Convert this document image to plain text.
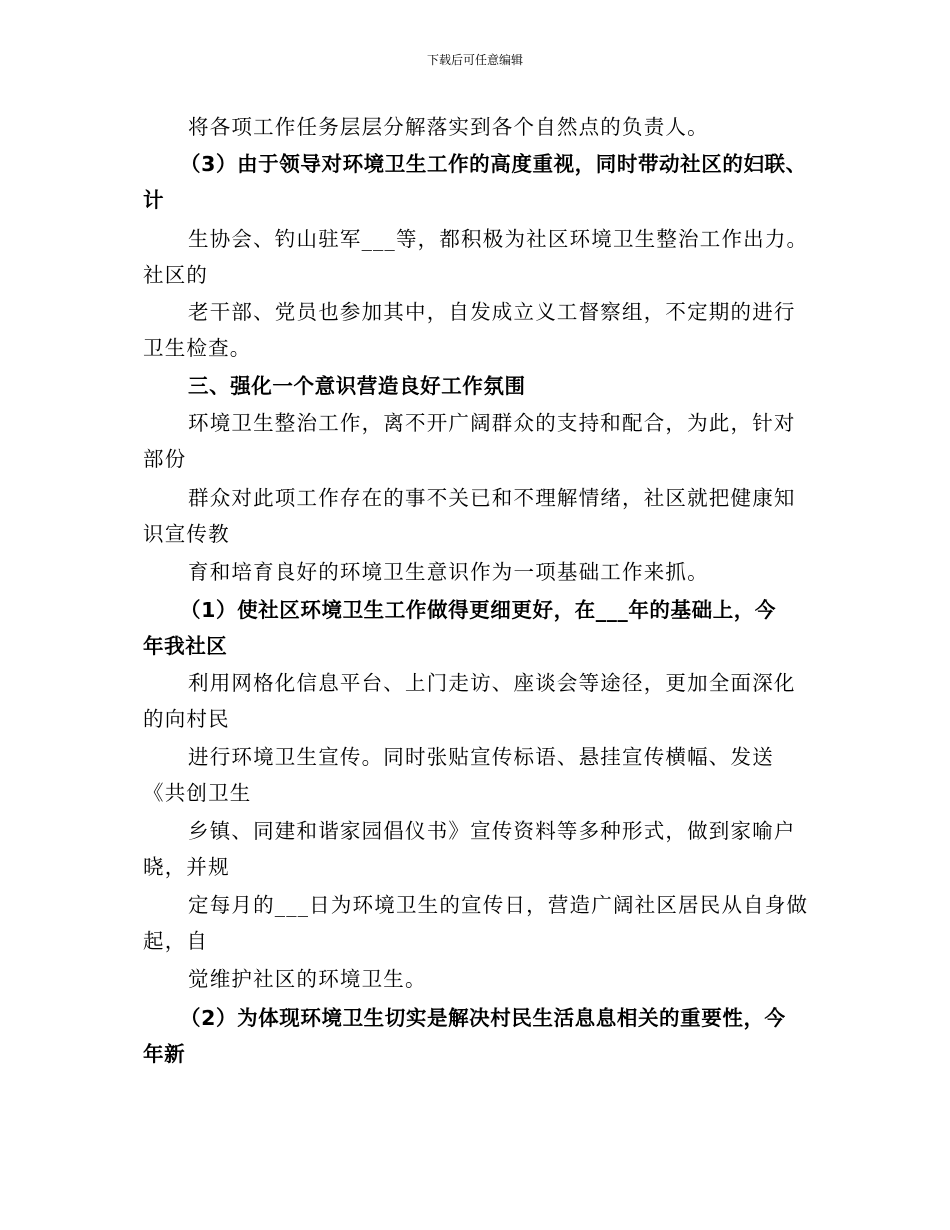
下载后可任意编辑
将各项工作任务层层分解落实到各个自然点的负责人。
（3）由于领导对环境卫生工作的高度重视，同时带动社区的妇联、
计
生协会、钓山驻军___等，都积极为社区环境卫生整治工作出力。
社区的
老干部、党员也参加其中，自发成立义工督察组，不定期的进行
卫生检查。
三、强化一个意识营造良好工作氛围
环境卫生整治工作，离不开广阔群众的支持和配合，为此，针对
部份
群众对此项工作存在的事不关已和不理解情绪，社区就把健康知
识宣传教
育和培育良好的环境卫生意识作为一项基础工作来抓。
（1）使社区环境卫生工作做得更细更好，在___年的基础上，今
年我社区
利用网格化信息平台、上门走访、座谈会等途径，更加全面深化
的向村民
进行环境卫生宣传。同时张贴宣传标语、悬挂宣传横幅、发送
《共创卫生
乡镇、同建和谐家园倡仪书》宣传资料等多种形式，做到家喻户
晓，并规
定每月的___日为环境卫生的宣传日，营造广阔社区居民从自身做
起，自
觉维护社区的环境卫生。
（2）为体现环境卫生切实是解决村民生活息息相关的重要性，今
年新
